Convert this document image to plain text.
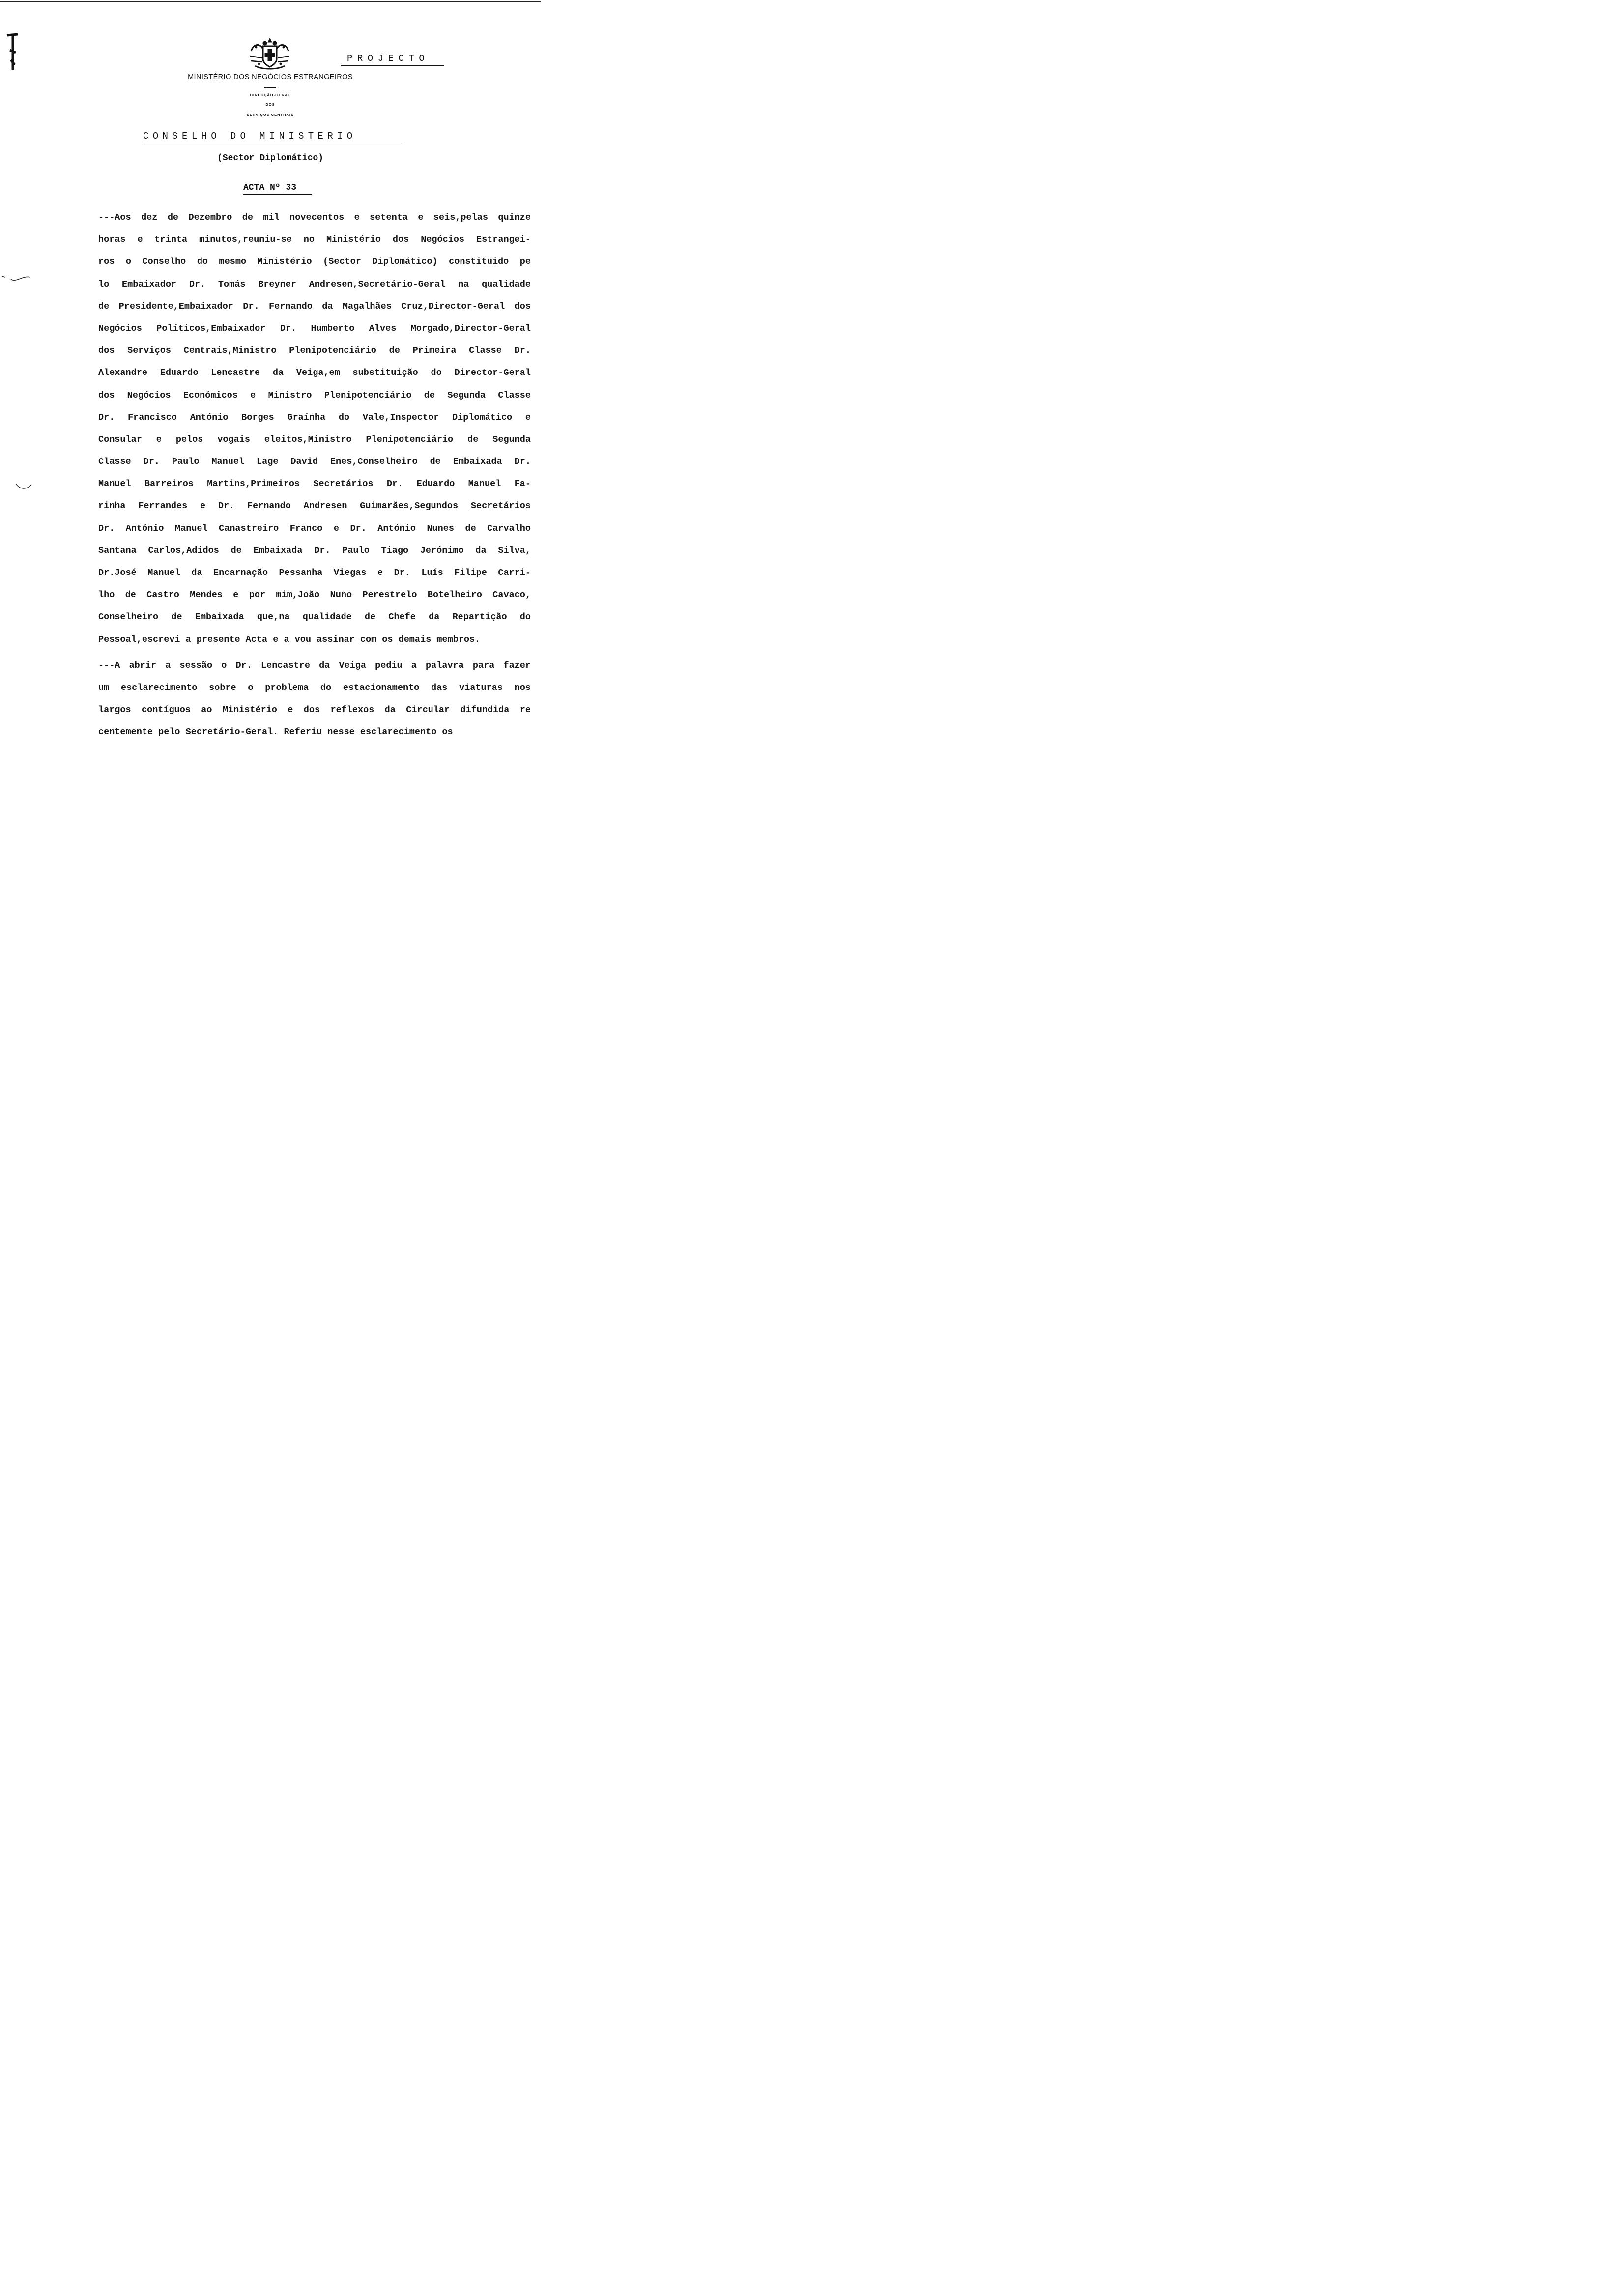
PROJECTO
MINISTÉRIO DOS NEGÓCIOS ESTRANGEIROS
DIRECÇÃO-GERAL
DOS
SERVIÇOS CENTRAIS
CONSELHO DO MINISTERIO
(Sector Diplomático)
ACTA Nº 33
---Aos dez de Dezembro de mil novecentos e setenta e seis,pelas quinze
horas e trinta minutos,reuniu-se no Ministério dos Negócios Estrangei-
ros o Conselho do mesmo Ministério (Sector Diplomático) constituido pe
lo Embaixador Dr. Tomás Breyner Andresen,Secretário-Geral na qualidade
de Presidente,Embaixador Dr. Fernando da Magalhães Cruz,Director-Geral dos
Negócios Políticos,Embaixador Dr. Humberto Alves Morgado,Director-Geral
dos Serviços Centrais,Ministro Plenipotenciário de Primeira Classe Dr.
Alexandre Eduardo Lencastre da Veiga,em substituição do Director-Geral
dos Negócios Económicos e Ministro Plenipotenciário de Segunda Classe
Dr. Francisco António Borges Graínha do Vale,Inspector Diplomático e
Consular e pelos vogais eleitos,Ministro Plenipotenciário de Segunda
Classe Dr. Paulo Manuel Lage David Enes,Conselheiro de Embaixada Dr.
Manuel Barreiros Martins,Primeiros Secretários Dr. Eduardo Manuel Fa-
rinha Ferrandes e Dr. Fernando Andresen Guimarães,Segundos Secretários
Dr. António Manuel Canastreiro Franco e Dr. António Nunes de Carvalho
Santana Carlos,Adidos de Embaixada Dr. Paulo Tiago Jerónimo da Silva,
Dr.José Manuel da Encarnação Pessanha Viegas e Dr. Luís Filipe Carri-
lho de Castro Mendes e por mim,João Nuno Perestrelo Botelheiro Cavaco,
Conselheiro de Embaixada que,na qualidade de Chefe da Repartição do
Pessoal,escrevi a presente Acta e a vou assinar com os demais membros.
---A abrir a sessão o Dr. Lencastre da Veiga pediu a palavra para fazer
um esclarecimento sobre o problema do estacionamento das viaturas nos
largos contíguos ao Ministério e dos reflexos da Circular difundida re
centemente pelo Secretário-Geral. Referiu nesse esclarecimento os
